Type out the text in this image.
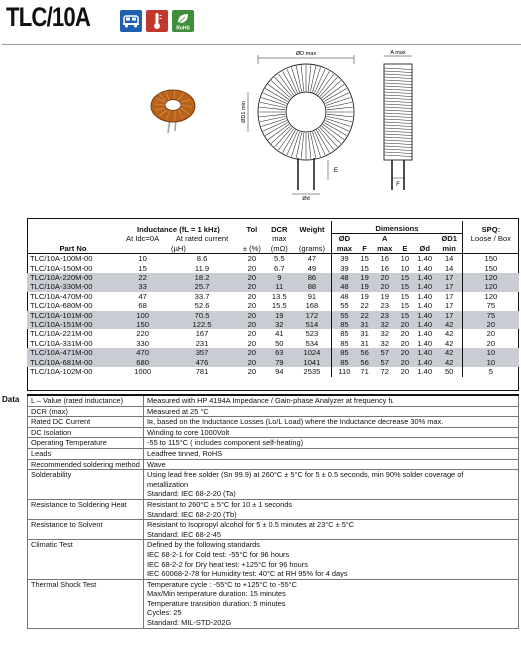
TLC/10A	RoHS
ØD max
ØD1 min
Ød
A max
E
F
Part No	Inductance (fL = 1 kHz)		Tol	DCR	Weight	Dimensions						SPQ:
	At Idc=0A	At rated current		max		ØD	F	A	E	Ød	ØD1	Loose / Box
	(µH)		± (%)	(mΩ)	(grams)	max		max			min	
TLC/10A-100M-00	10	8.6	20	5.5	47	39	15	16	10	1.40	14	150
TLC/10A-150M-00	15	11.9	20	6.7	49	39	15	16	10	1.40	14	150
TLC/10A-220M-00	22	18.2	20	9	86	48	19	20	15	1.40	17	120
TLC/10A-330M-00	33	25.7	20	11	88	48	19	20	15	1.40	17	120
TLC/10A-470M-00	47	33.7	20	13.5	91	48	19	19	15	1.40	17	120
TLC/10A-680M-00	68	52.6	20	15.5	168	55	22	23	15	1.40	17	75
TLC/10A-101M-00	100	70.5	20	19	172	55	22	23	15	1.40	17	75
TLC/10A-151M-00	150	122.5	20	32	514	85	31	32	20	1.40	42	20
TLC/10A-221M-00	220	167	20	41	523	85	31	32	20	1.40	42	20
TLC/10A-331M-00	330	231	20	50	534	85	31	32	20	1.40	42	20
TLC/10A-471M-00	470	357	20	63	1024	85	56	57	20	1.40	42	10
TLC/10A-681M-00	680	476	20	79	1041	85	56	57	20	1.40	42	10
TLC/10A-102M-00	1000	781	20	94	2535	110	71	72	20	1.40	50	5
Data L – Value (rated inductance)	Measured with HP 4194A Impedance / Gain-phase Analyzer at frequency fʟ

DCR (max)	Measured at 25 °C

Rated DC Current	Iʀ, based on the Inductance Losses (Lo/L Load) where the Inductance decrease 30% max.

DC Isolation	Winding to core 1000Volt

Operating Temperature	-55 to 115°C ( includes component self-heating)

Leads	Leadfree tinned, RoHS

Recommended soldering method	Wave

Solderability	Using lead free solder (Sn 99.9) at 260°C ± 5°C for 5 ± 0.5 seconds, min 90% solder coverage of
metallization
Standard: IEC 68-2-20 (Ta)

Resistance to Soldering Heat	Resistant to 260°C ± 5°C for 10 ± 1 seconds
Standard: IEC 68-2-20 (Tb)

Resistance to Solvent	Resistant to Isopropyl alcohol for 5 ± 0.5 minutes at 23°C ± 5°C
Standard: IEC 68-2-45

Climatic Test	Defined by the following standards
IEC 68-2-1 for Cold test: -55°C for 96 hours
IEC 68-2-2 for Dry heat test: +125°C for 96 hours
IEC 60068-2-78 for Humidity test: 40°C at RH 95% for 4 days

Thermal Shock Test	Temperature cycle : -55°C to +125°C to -55°C
Max/Min temperature duration: 15 minutes
Temperature transition duration: 5 minutes
Cycles: 25
Standard: MIL-STD-202G
